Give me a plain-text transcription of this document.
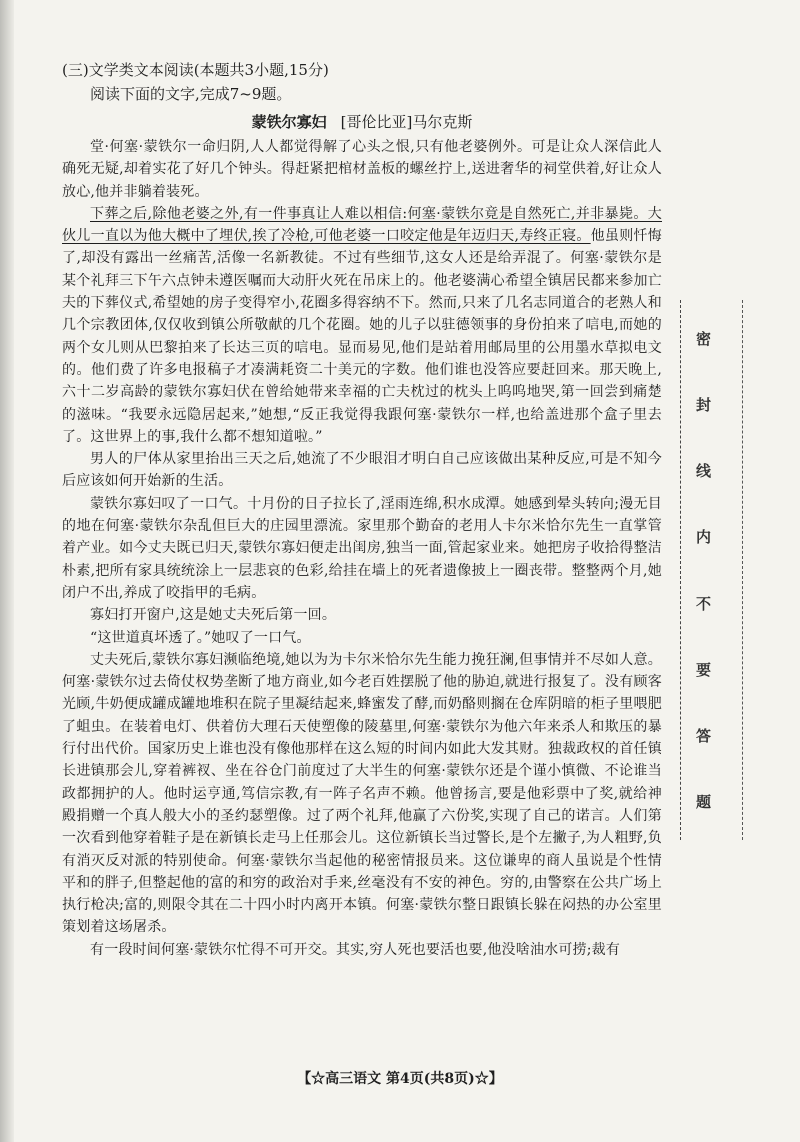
(三)文学类文本阅读(本题共3小题,15分)

阅读下面的文字,完成7~9题。

蒙铁尔寡妇 [哥伦比亚]马尔克斯

堂·何塞·蒙铁尔一命归阴,人人都觉得解了心头之恨,只有他老婆例外。可是让众人深信此人确死无疑,却着实花了好几个钟头。得赶紧把棺材盖板的螺丝拧上,送进奢华的祠堂供着,好让众人放心,他并非躺着装死。

下葬之后,除他老婆之外,有一件事真让人难以相信:何塞·蒙铁尔竟是自然死亡,并非暴毙。大伙儿一直以为他大概中了埋伏,挨了冷枪,可他老婆一口咬定他是年迈归天,寿终正寝。他虽则忏悔了,却没有露出一丝痛苦,活像一名新教徒。不过有些细节,这女人还是给弄混了。何塞·蒙铁尔是某个礼拜三下午六点钟未遵医嘱而大动肝火死在吊床上的。他老婆满心希望全镇居民都来参加亡夫的下葬仪式,希望她的房子变得窄小,花圈多得容纳不下。然而,只来了几名志同道合的老熟人和几个宗教团体,仅仅收到镇公所敬献的几个花圈。她的儿子以驻德领事的身份拍来了唁电,而她的两个女儿则从巴黎拍来了长达三页的唁电。显而易见,他们是站着用邮局里的公用墨水草拟电文的。他们费了许多电报稿子才凑满耗资二十美元的字数。他们谁也没答应要赶回来。那天晚上,六十二岁高龄的蒙铁尔寡妇伏在曾给她带来幸福的亡夫枕过的枕头上呜呜地哭,第一回尝到痛楚的滋味。“我要永远隐居起来,”她想,“反正我觉得我跟何塞·蒙铁尔一样,也给盖进那个盒子里去了。这世界上的事,我什么都不想知道啦。”

男人的尸体从家里抬出三天之后,她流了不少眼泪才明白自己应该做出某种反应,可是不知今后应该如何开始新的生活。

蒙铁尔寡妇叹了一口气。十月份的日子拉长了,淫雨连绵,积水成潭。她感到晕头转向;漫无目的地在何塞·蒙铁尔杂乱但巨大的庄园里漂流。家里那个勤奋的老用人卡尔米恰尔先生一直掌管着产业。如今丈夫既已归天,蒙铁尔寡妇便走出闺房,独当一面,管起家业来。她把房子收拾得整洁朴素,把所有家具统统涂上一层悲哀的色彩,给挂在墙上的死者遗像披上一圈丧带。整整两个月,她闭户不出,养成了咬指甲的毛病。

寡妇打开窗户,这是她丈夫死后第一回。

“这世道真坏透了。”她叹了一口气。

丈夫死后,蒙铁尔寡妇濒临绝境,她以为为卡尔米恰尔先生能力挽狂澜,但事情并不尽如人意。何塞·蒙铁尔过去倚仗权势垄断了地方商业,如今老百姓摆脱了他的胁迫,就进行报复了。没有顾客光顾,牛奶便成罐成罐地堆积在院子里凝结起来,蜂蜜发了酵,而奶酪则搁在仓库阴暗的柜子里喂肥了蛆虫。在装着电灯、供着仿大理石天使塑像的陵墓里,何塞·蒙铁尔为他六年来杀人和欺压的暴行付出代价。国家历史上谁也没有像他那样在这么短的时间内如此大发其财。独裁政权的首任镇长进镇那会儿,穿着裤衩、坐在谷仓门前度过了大半生的何塞·蒙铁尔还是个谨小慎微、不论谁当政都拥护的人。他时运亨通,笃信宗教,有一阵子名声不赖。他曾扬言,要是他彩票中了奖,就给神殿捐赠一个真人般大小的圣约瑟塑像。过了两个礼拜,他赢了六份奖,实现了自己的诺言。人们第一次看到他穿着鞋子是在新镇长走马上任那会儿。这位新镇长当过警长,是个左撇子,为人粗野,负有消灭反对派的特别使命。何塞·蒙铁尔当起他的秘密情报员来。这位谦卑的商人虽说是个性情平和的胖子,但整起他的富的和穷的政治对手来,丝毫没有不安的神色。穷的,由警察在公共广场上执行枪决;富的,则限令其在二十四小时内离开本镇。何塞·蒙铁尔整日跟镇长躲在闷热的办公室里策划着这场屠杀。

有一段时间何塞·蒙铁尔忙得不可开交。其实,穷人死也要活也要,他没啥油水可捞;裁有

密
封
线
内
不
要
答
题
【☆高三语文 第4页(共8页)☆】
